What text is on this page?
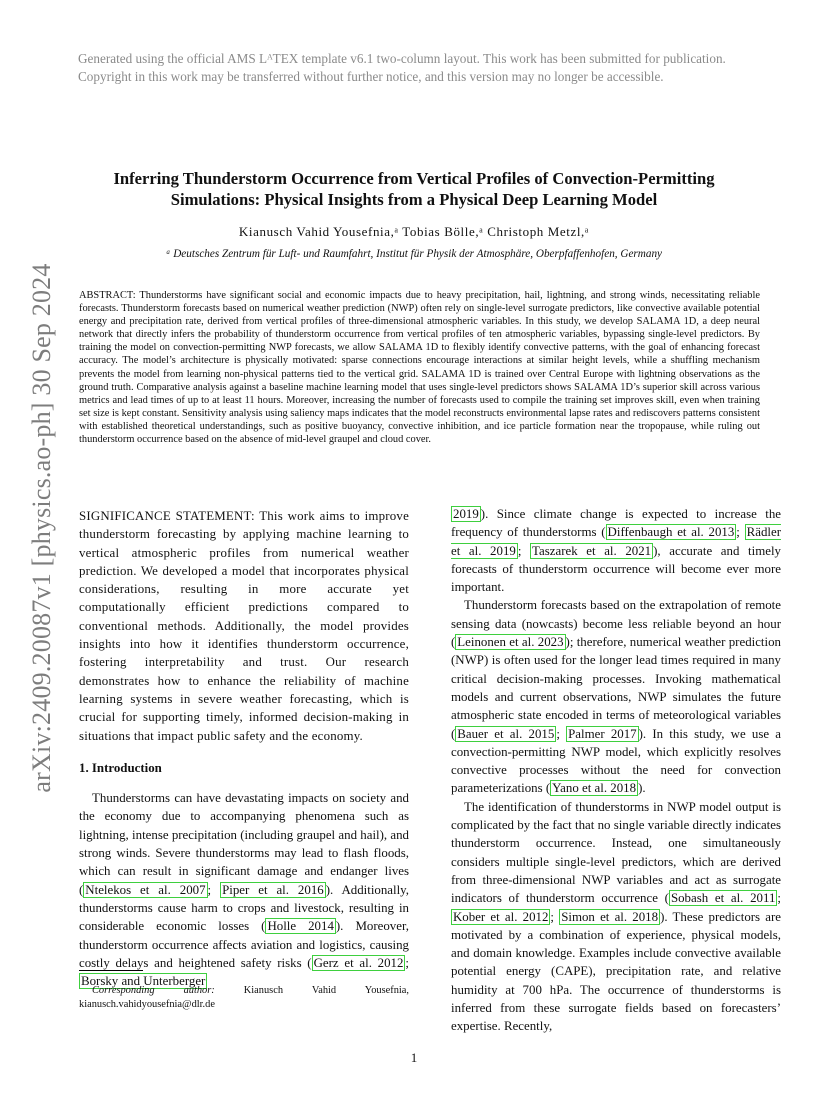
Generated using the official AMS LᴬTEX template v6.1 two-column layout. This work has been submitted for publication. Copyright in this work may be transferred without further notice, and this version may no longer be accessible.
arXiv:2409.20087v1 [physics.ao-ph] 30 Sep 2024
Inferring Thunderstorm Occurrence from Vertical Profiles of Convection-Permitting Simulations: Physical Insights from a Physical Deep Learning Model
Kianusch Vahid Yousefnia,ᵃ Tobias Bölle,ᵃ Christoph Metzl,ᵃ
ᵃ Deutsches Zentrum für Luft- und Raumfahrt, Institut für Physik der Atmosphäre, Oberpfaffenhofen, Germany
ABSTRACT: Thunderstorms have significant social and economic impacts due to heavy precipitation, hail, lightning, and strong winds, necessitating reliable forecasts. Thunderstorm forecasts based on numerical weather prediction (NWP) often rely on single-level surrogate predictors, like convective available potential energy and precipitation rate, derived from vertical profiles of three-dimensional atmospheric variables. In this study, we develop SALAMA 1D, a deep neural network that directly infers the probability of thunderstorm occurrence from vertical profiles of ten atmospheric variables, bypassing single-level predictors. By training the model on convection-permitting NWP forecasts, we allow SALAMA 1D to flexibly identify convective patterns, with the goal of enhancing forecast accuracy. The model’s architecture is physically motivated: sparse connections encourage interactions at similar height levels, while a shuffling mechanism prevents the model from learning non-physical patterns tied to the vertical grid. SALAMA 1D is trained over Central Europe with lightning observations as the ground truth. Comparative analysis against a baseline machine learning model that uses single-level predictors shows SALAMA 1D’s superior skill across various metrics and lead times of up to at least 11 hours. Moreover, increasing the number of forecasts used to compile the training set improves skill, even when training set size is kept constant. Sensitivity analysis using saliency maps indicates that the model reconstructs environmental lapse rates and rediscovers patterns consistent with established theoretical understandings, such as positive buoyancy, convective inhibition, and ice particle formation near the tropopause, while ruling out thunderstorm occurrence based on the absence of mid-level graupel and cloud cover.

SIGNIFICANCE STATEMENT: This work aims to improve thunderstorm forecasting by applying machine learning to vertical atmospheric profiles from numerical weather prediction. We developed a model that incorporates physical considerations, resulting in more accurate yet computationally efficient predictions compared to conventional methods. Additionally, the model provides insights into how it identifies thunderstorm occurrence, fostering interpretability and trust. Our research demonstrates how to enhance the reliability of machine learning systems in severe weather forecasting, which is crucial for supporting timely, informed decision-making in situations that impact public safety and the economy.

1. Introduction

Thunderstorms can have devastating impacts on society and the economy due to accompanying phenomena such as lightning, intense precipitation (including graupel and hail), and strong winds. Severe thunderstorms may lead to flash floods, which can result in significant damage and endanger lives ( Ntelekos et al. 2007 ; Piper et al. 2016 ). Additionally, thunderstorms cause harm to crops and livestock, resulting in considerable economic losses ( Holle 2014 ). Moreover, thunderstorm occurrence affects aviation and logistics, causing costly delays and heightened safety risks ( Gerz et al. 2012 ; Borsky and Unterberger

2019 ). Since climate change is expected to increase the frequency of thunderstorms ( Diffenbaugh et al. 2013 ; Rädler et al. 2019 ; Taszarek et al. 2021 ), accurate and timely forecasts of thunderstorm occurrence will become ever more important.

Thunderstorm forecasts based on the extrapolation of remote sensing data (nowcasts) become less reliable beyond an hour ( Leinonen et al. 2023 ); therefore, numerical weather prediction (NWP) is often used for the longer lead times required in many critical decision-making processes. Invoking mathematical models and current observations, NWP simulates the future atmospheric state encoded in terms of meteorological variables ( Bauer et al. 2015 ; Palmer 2017 ). In this study, we use a convection-permitting NWP model, which explicitly resolves convective processes without the need for convection parameterizations ( Yano et al. 2018 ).

The identification of thunderstorms in NWP model output is complicated by the fact that no single variable directly indicates thunderstorm occurrence. Instead, one simultaneously considers multiple single-level predictors, which are derived from three-dimensional NWP variables and act as surrogate indicators of thunderstorm occurrence ( Sobash et al. 2011 ; Kober et al. 2012 ; Simon et al. 2018 ). These predictors are motivated by a combination of experience, physical models, and domain knowledge. Examples include convective available potential energy (CAPE), precipitation rate, and relative humidity at 700 hPa. The occurrence of thunderstorms is inferred from these surrogate fields based on forecasters’ expertise. Recently,

Corresponding author: Kianusch Vahid Yousefnia, kianusch.vahidyousefnia@dlr.de
1
